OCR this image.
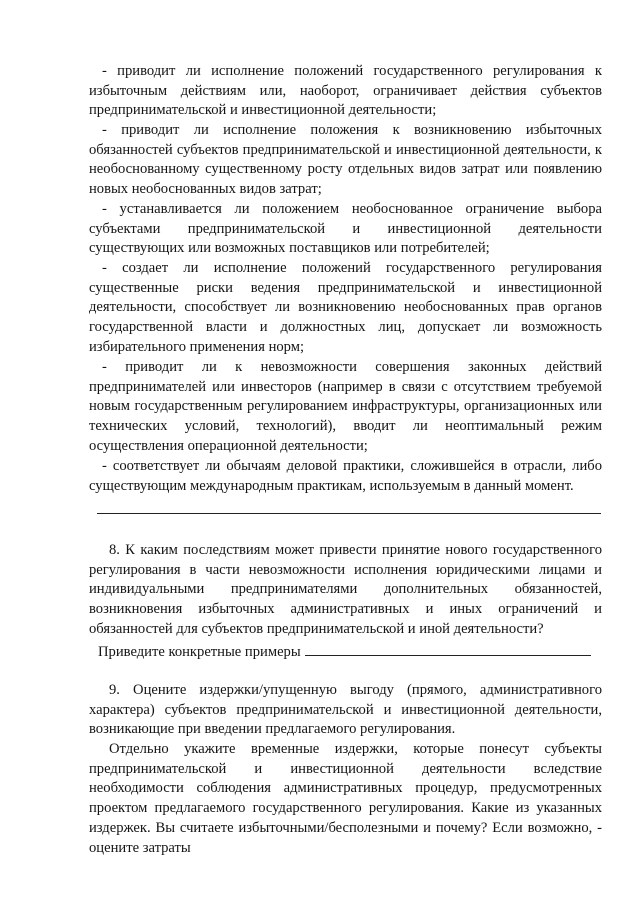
- приводит ли исполнение положений государственного регулирования к избыточным действиям или, наоборот, ограничивает действия субъектов предпринимательской и инвестиционной деятельности;

- приводит ли исполнение положения к возникновению избыточных обязанностей субъектов предпринимательской и инвестиционной деятельности, к необоснованному существенному росту отдельных видов затрат или появлению новых необоснованных видов затрат;

- устанавливается ли положением необоснованное ограничение выбора субъектами предпринимательской и инвестиционной деятельности существующих или возможных поставщиков или потребителей;

- создает ли исполнение положений государственного регулирования существенные риски ведения предпринимательской и инвестиционной деятельности, способствует ли возникновению необоснованных прав органов государственной власти и должностных лиц, допускает ли возможность избирательного применения норм;

- приводит ли к невозможности совершения законных действий предпринимателей или инвесторов (например в связи с отсутствием требуемой новым государственным регулированием инфраструктуры, организационных или технических условий, технологий), вводит ли неоптимальный режим осуществления операционной деятельности;

- соответствует ли обычаям деловой практики, сложившейся в отрасли, либо существующим международным практикам, используемым в данный момент.

8. К каким последствиям может привести принятие нового государственного регулирования в части невозможности исполнения юридическими лицами и индивидуальными предпринимателями дополнительных обязанностей, возникновения избыточных административных и иных ограничений и обязанностей для субъектов предпринимательской и иной деятельности?

Приведите конкретные примеры

9. Оцените издержки/упущенную выгоду (прямого, административного характера) субъектов предпринимательской и инвестиционной деятельности, возникающие при введении предлагаемого регулирования.

Отдельно укажите временные издержки, которые понесут субъекты предпринимательской и инвестиционной деятельности вследствие необходимости соблюдения административных процедур, предусмотренных проектом предлагаемого государственного регулирования. Какие из указанных издержек. Вы считаете избыточными/бесполезными и почему? Если возможно, - оцените затраты
